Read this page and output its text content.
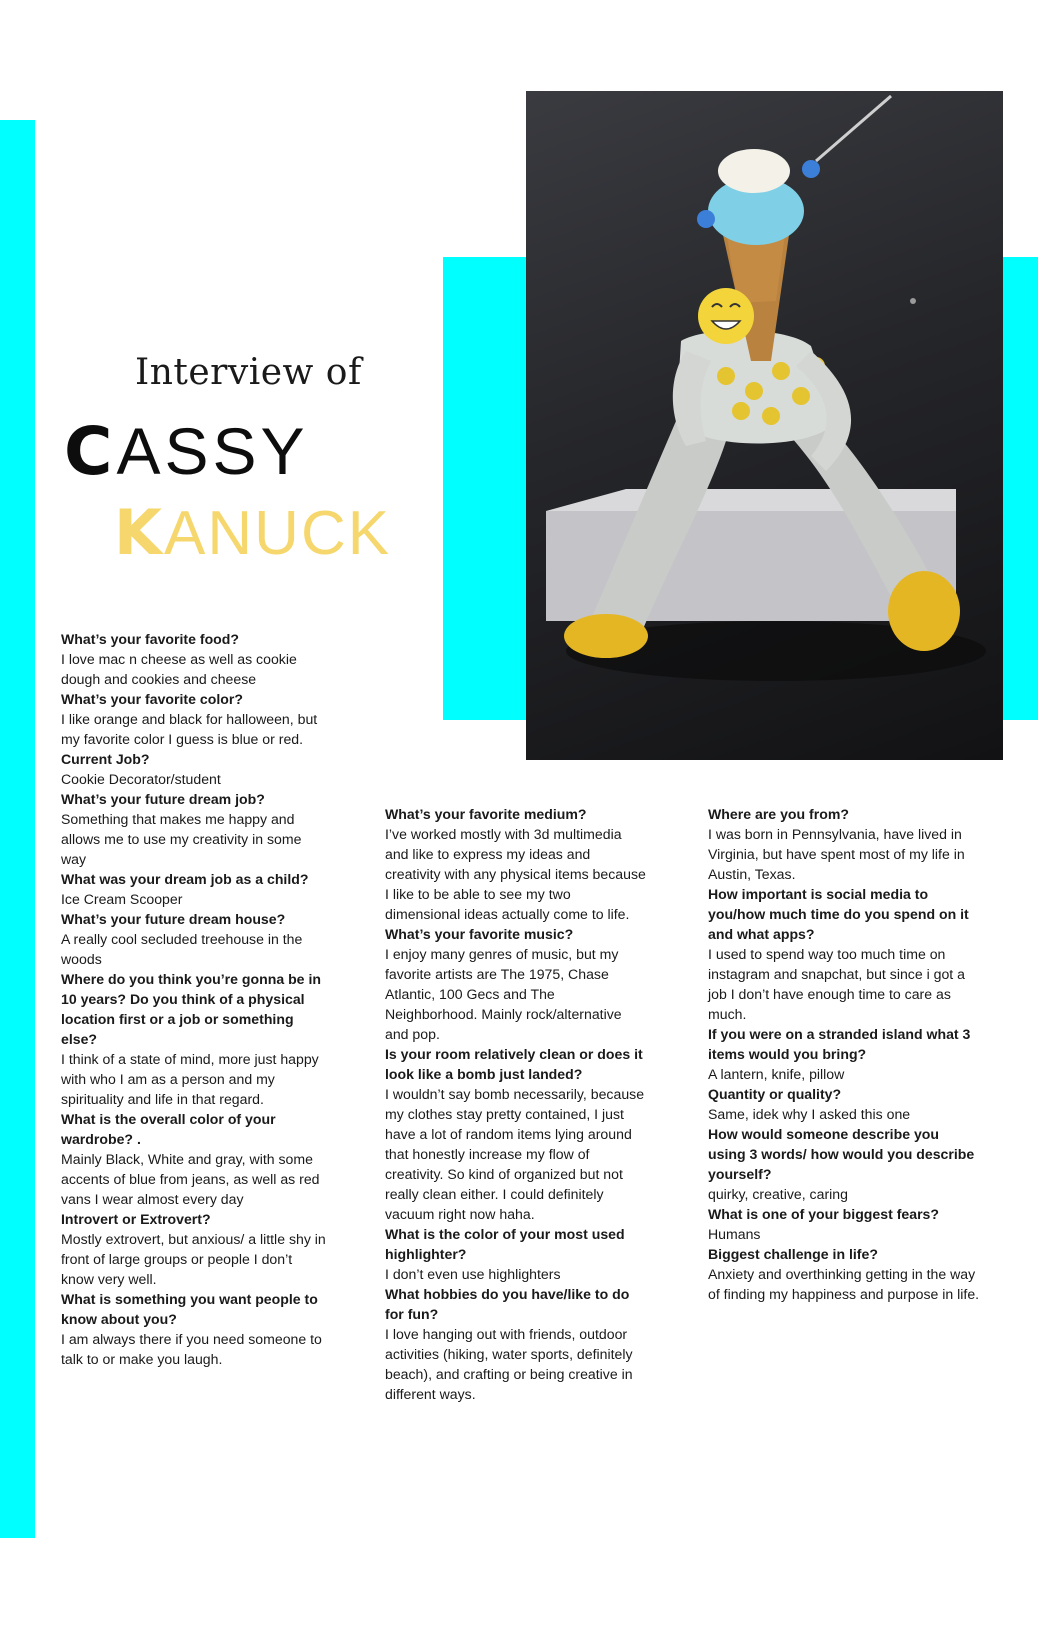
Interview of
CASSY
KANUCK

What’s your favorite food?

I love mac n cheese as well as cookie dough and cookies and cheese

What’s your favorite color?

I like orange and black for halloween, but my favorite color I guess is blue or red.

Current Job?

Cookie Decorator/student

What’s your future dream job?

Something that makes me happy and allows me to use my creativity in some way

What was your dream job as a child?

Ice Cream Scooper

What’s your future dream house?

A really cool secluded treehouse in the woods

Where do you think you’re gonna be in 10 years? Do you think of a physical location first or a job or something else?

I think of a state of mind, more just happy with who I am as a person and my spirituality and life in that regard.

What is the overall color of your wardrobe? .

Mainly Black, White and gray, with some accents of blue from jeans, as well as red vans I wear almost every day

Introvert or Extrovert?

Mostly extrovert, but anxious/ a little shy in front of large groups or people I don’t know very well.

What is something you want people to know about you?

I am always there if you need someone to talk to or make you laugh.

What’s your favorite medium?

I’ve worked mostly with 3d multimedia and like to express my ideas and creativity with any physical items because I like to be able to see my two dimensional ideas actually come to life.

What’s your favorite music?

I enjoy many genres of music, but my favorite artists are The 1975, Chase Atlantic, 100 Gecs and The Neighborhood. Mainly rock/alternative and pop.

Is your room relatively clean or does it look like a bomb just landed?

I wouldn’t say bomb necessarily, because my clothes stay pretty contained, I just have a lot of random items lying around that honestly increase my flow of creativity. So kind of organized but not really clean either. I could definitely vacuum right now haha.

What is the color of your most used highlighter?

I don’t even use highlighters

What hobbies do you have/like to do for fun?

I love hanging out with friends, outdoor activities (hiking, water sports, definitely beach), and crafting or being creative in different ways.

Where are you from?

I was born in Pennsylvania, have lived in Virginia, but have spent most of my life in Austin, Texas.

How important is social media to you/how much time do you spend on it and what apps?

I used to spend way too much time on instagram and snapchat, but since i got a job I don’t have enough time to care as much.

If you were on a stranded island what 3 items would you bring?

A lantern, knife, pillow

Quantity or quality?

Same, idek why I asked this one

How would someone describe you using 3 words/ how would you describe yourself?

quirky, creative, caring

What is one of your biggest fears?

Humans

Biggest challenge in life?

Anxiety and overthinking getting in the way of finding my happiness and purpose in life.
